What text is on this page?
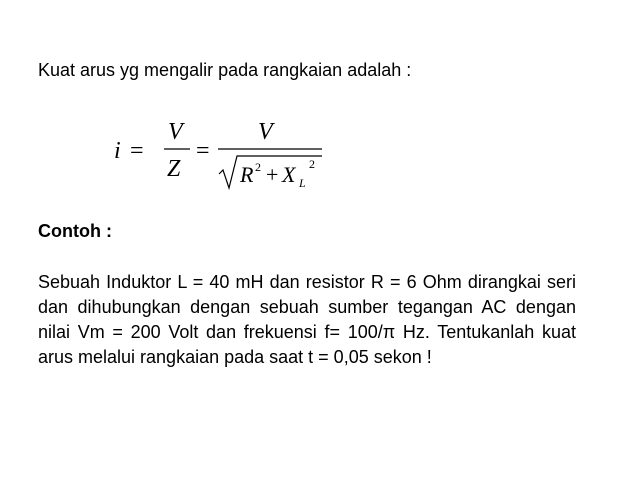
Kuat arus yg mengalir pada rangkaian adalah :
i =
V
Z
=
V
R 2 + X L
2
Contoh :
Sebuah Induktor L = 40 mH dan resistor R = 6 Ohm dirangkai seri dan dihubungkan dengan sebuah sumber tegangan AC dengan nilai Vm = 200 Volt dan frekuensi f= 100/π Hz. Tentukanlah kuat arus melalui rangkaian pada saat t = 0,05 sekon !
